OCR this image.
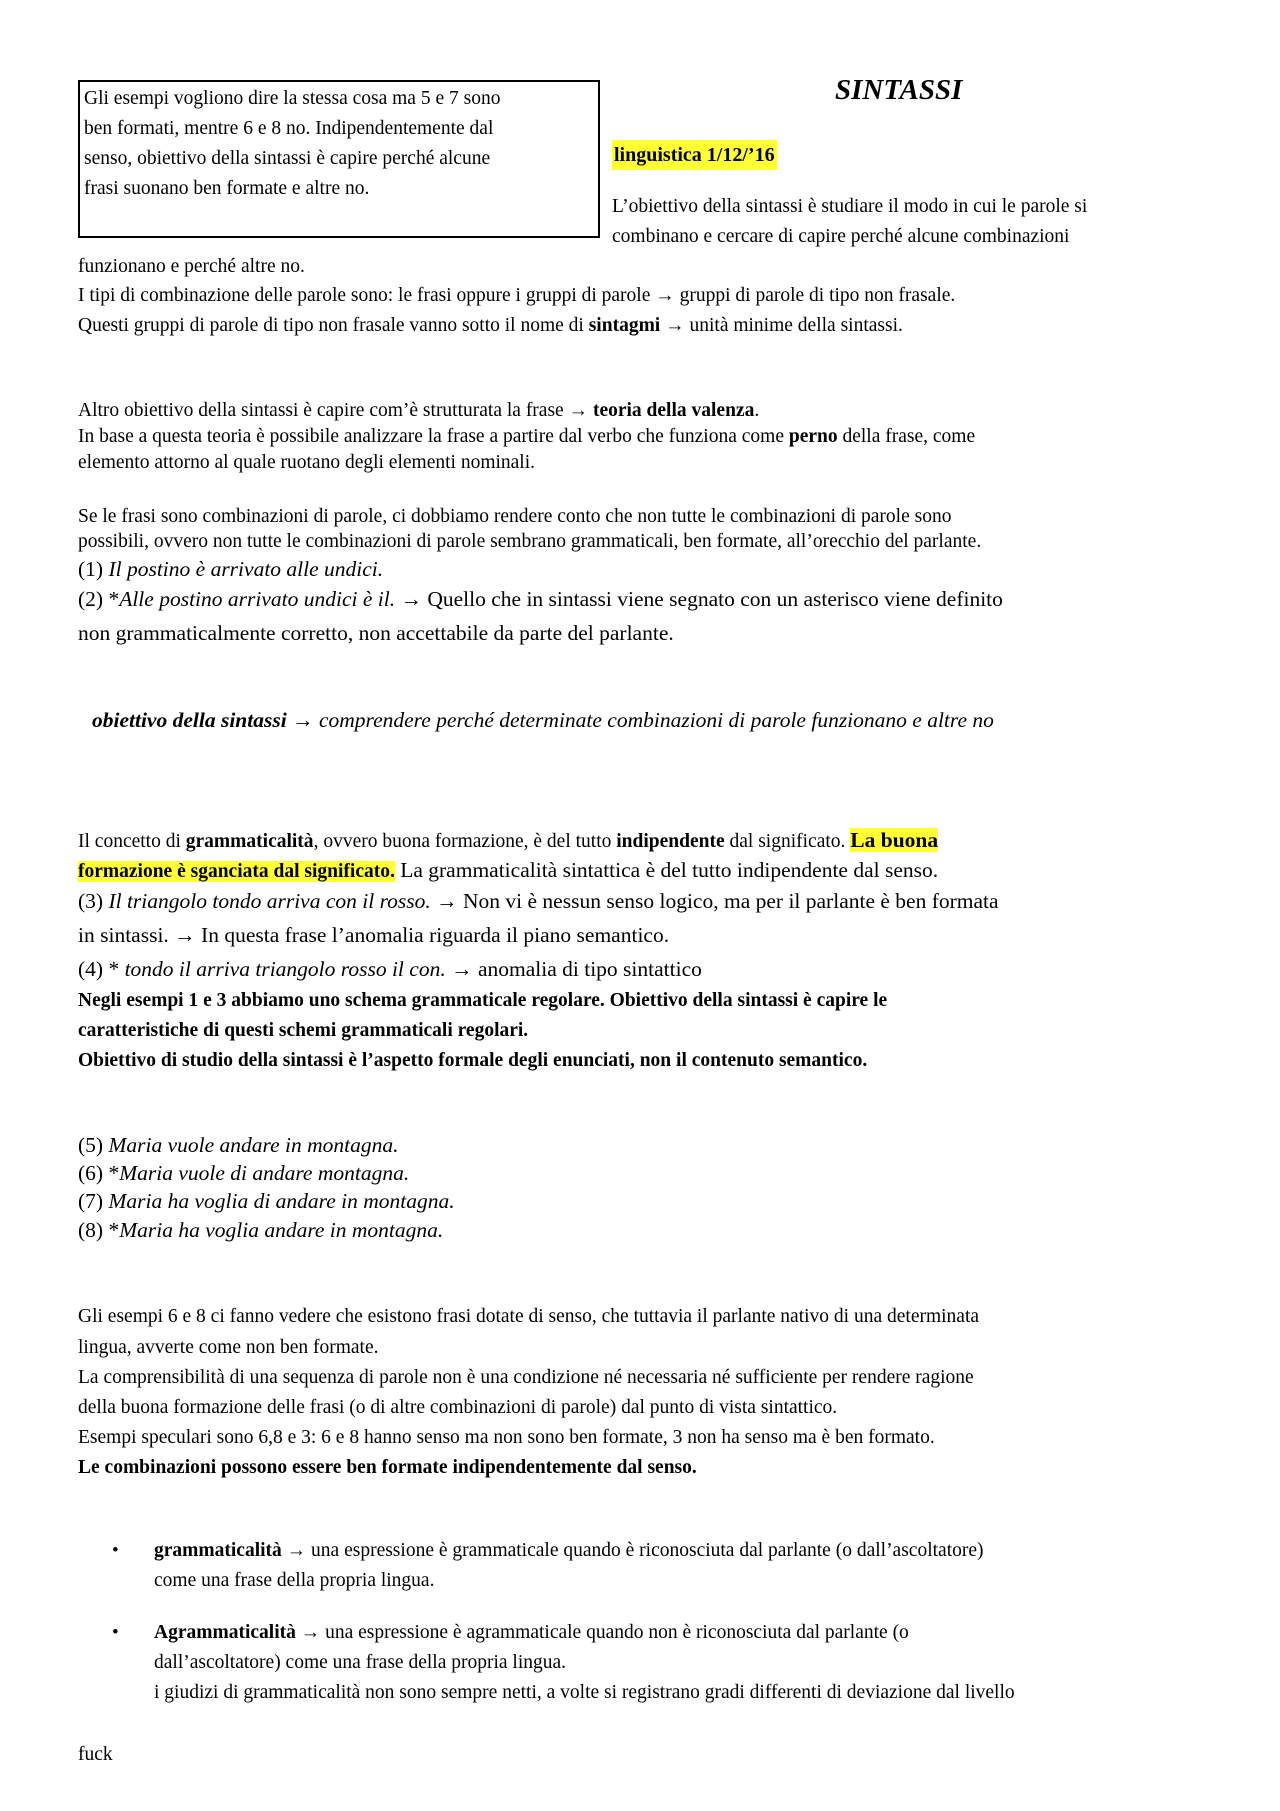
Gli esempi vogliono dire la stessa cosa ma 5 e 7 sono
ben formati, mentre 6 e 8 no. Indipendentemente dal
senso, obiettivo della sintassi è capire perché alcune
frasi suonano ben formate e altre no.
SINTASSI
linguistica 1/12/’16
L’obiettivo della sintassi è studiare il modo in cui le parole si
combinano e cercare di capire perché alcune combinazioni
funzionano e perché altre no.
I tipi di combinazione delle parole sono: le frasi oppure i gruppi di parole → gruppi di parole di tipo non frasale.
Questi gruppi di parole di tipo non frasale vanno sotto il nome di sintagmi → unità minime della sintassi.
Altro obiettivo della sintassi è capire com’è strutturata la frase → teoria della valenza.
In base a questa teoria è possibile analizzare la frase a partire dal verbo che funziona come perno della frase, come
elemento attorno al quale ruotano degli elementi nominali.
Se le frasi sono combinazioni di parole, ci dobbiamo rendere conto che non tutte le combinazioni di parole sono
possibili, ovvero non tutte le combinazioni di parole sembrano grammaticali, ben formate, all’orecchio del parlante.
(1) Il postino è arrivato alle undici.
(2) *Alle postino arrivato undici è il. → Quello che in sintassi viene segnato con un asterisco viene definito
non grammaticalmente corretto, non accettabile da parte del parlante.
obiettivo della sintassi → comprendere perché determinate combinazioni di parole funzionano e altre no
Il concetto di grammaticalità, ovvero buona formazione, è del tutto indipendente dal significato. La buona
formazione è sganciata dal significato. La grammaticalità sintattica è del tutto indipendente dal senso.
(3) Il triangolo tondo arriva con il rosso. → Non vi è nessun senso logico, ma per il parlante è ben formata
in sintassi. → In questa frase l’anomalia riguarda il piano semantico.
(4) * tondo il arriva triangolo rosso il con. → anomalia di tipo sintattico
Negli esempi 1 e 3 abbiamo uno schema grammaticale regolare. Obiettivo della sintassi è capire le
caratteristiche di questi schemi grammaticali regolari.
Obiettivo di studio della sintassi è l’aspetto formale degli enunciati, non il contenuto semantico.
(5) Maria vuole andare in montagna.
(6) *Maria vuole di andare montagna.
(7) Maria ha voglia di andare in montagna.
(8) *Maria ha voglia andare in montagna.
Gli esempi 6 e 8 ci fanno vedere che esistono frasi dotate di senso, che tuttavia il parlante nativo di una determinata
lingua, avverte come non ben formate.
La comprensibilità di una sequenza di parole non è una condizione né necessaria né sufficiente per rendere ragione
della buona formazione delle frasi (o di altre combinazioni di parole) dal punto di vista sintattico.
Esempi speculari sono 6,8 e 3: 6 e 8 hanno senso ma non sono ben formate, 3 non ha senso ma è ben formato.
Le combinazioni possono essere ben formate indipendentemente dal senso.
• grammaticalità → una espressione è grammaticale quando è riconosciuta dal parlante (o dall’ascoltatore)
come una frase della propria lingua.
• Agrammaticalità → una espressione è agrammaticale quando non è riconosciuta dal parlante (o
dall’ascoltatore) come una frase della propria lingua.
i giudizi di grammaticalità non sono sempre netti, a volte si registrano gradi differenti di deviazione dal livello
fuck
